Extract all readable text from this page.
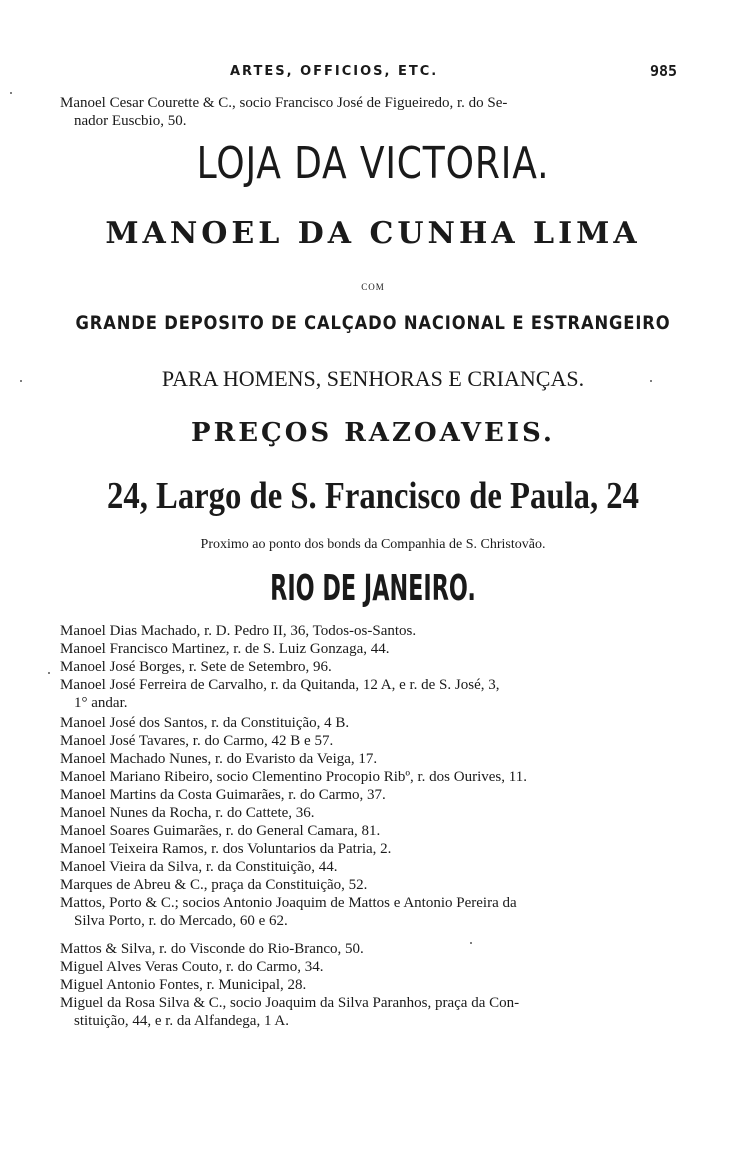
ARTES, OFFICIOS, ETC.	985
Manoel Cesar Courette & C., socio Francisco José de Figueiredo, r. do Se-
nador Euscbio, 50.
LOJA DA VICTORIA.
MANOEL DA CUNHA LIMA
COM
GRANDE DEPOSITO DE CALÇADO NACIONAL E ESTRANGEIRO
PARA HOMENS, SENHORAS E CRIANÇAS.
PREÇOS RAZOAVEIS.
24, Largo de S. Francisco de Paula, 24
Proximo ao ponto dos bonds da Companhia de S. Christovão.
RIO DE JANEIRO.
Manoel Dias Machado, r. D. Pedro II, 36, Todos-os-Santos.
Manoel Francisco Martinez, r. de S. Luiz Gonzaga, 44.
Manoel José Borges, r. Sete de Setembro, 96.
Manoel José Ferreira de Carvalho, r. da Quitanda, 12 A, e r. de S. José, 3,
1° andar.
Manoel José dos Santos, r. da Constituição, 4 B.
Manoel José Tavares, r. do Carmo, 42 B e 57.
Manoel Machado Nunes, r. do Evaristo da Veiga, 17.
Manoel Mariano Ribeiro, socio Clementino Procopio Ribº, r. dos Ourives, 11.
Manoel Martins da Costa Guimarães, r. do Carmo, 37.
Manoel Nunes da Rocha, r. do Cattete, 36.
Manoel Soares Guimarães, r. do General Camara, 81.
Manoel Teixeira Ramos, r. dos Voluntarios da Patria, 2.
Manoel Vieira da Silva, r. da Constituição, 44.
Marques de Abreu & C., praça da Constituição, 52.
Mattos, Porto & C.; socios Antonio Joaquim de Mattos e Antonio Pereira da
Silva Porto, r. do Mercado, 60 e 62.
Mattos & Silva, r. do Visconde do Rio-Branco, 50.
Miguel Alves Veras Couto, r. do Carmo, 34.
Miguel Antonio Fontes, r. Municipal, 28.
Miguel da Rosa Silva & C., socio Joaquim da Silva Paranhos, praça da Con-
stituição, 44, e r. da Alfandega, 1 A.
